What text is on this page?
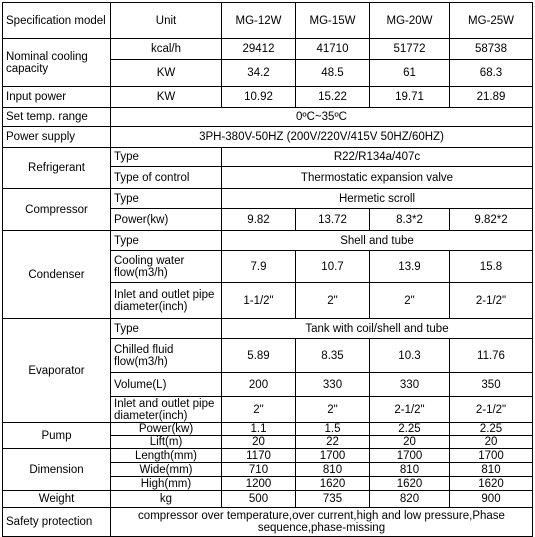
Specification model	Unit	MG-12W	MG-15W	MG-20W	MG-25W
Nominal cooling capacity	kcal/h	29412	41710	51772	58738
	KW	34.2	48.5	61	68.3
Input power	KW	10.92	15.22	19.71	21.89
Set temp. range	0ºC~35ºC				
Power supply	3PH-380V-50HZ (200V/220V/415V 50HZ/60HZ)				
Refrigerant	Type	R22/R134a/407c			
	Type of control	Thermostatic expansion valve			
Compressor	Type	Hermetic scroll			
	Power(kw)	9.82	13.72	8.3*2	9.82*2
Condenser	Type	Shell and tube			
	Cooling water flow(m3/h)	7.9	10.7	13.9	15.8
	Inlet and outlet pipe diameter(inch)	1-1/2"	2"	2"	2-1/2"
Evaporator	Type	Tank with coil/shell and tube			
	Chilled fluid flow(m3/h)	5.89	8.35	10.3	11.76
	Volume(L)	200	330	330	350
	Inlet and outlet pipe diameter(inch)	2"	2"	2-1/2"	2-1/2"
Pump	Power(kw)	1.1	1.5	2.25	2.25
	Lift(m)	20	22	20	20
Dimension	Length(mm)	1170	1700	1700	1700
	Wide(mm)	710	810	810	810
	High(mm)	1200	1620	1620	1620
Weight	kg	500	735	820	900
Safety protection	compressor over temperature,over current,high and low pressure,Phase sequence,phase-missing				
